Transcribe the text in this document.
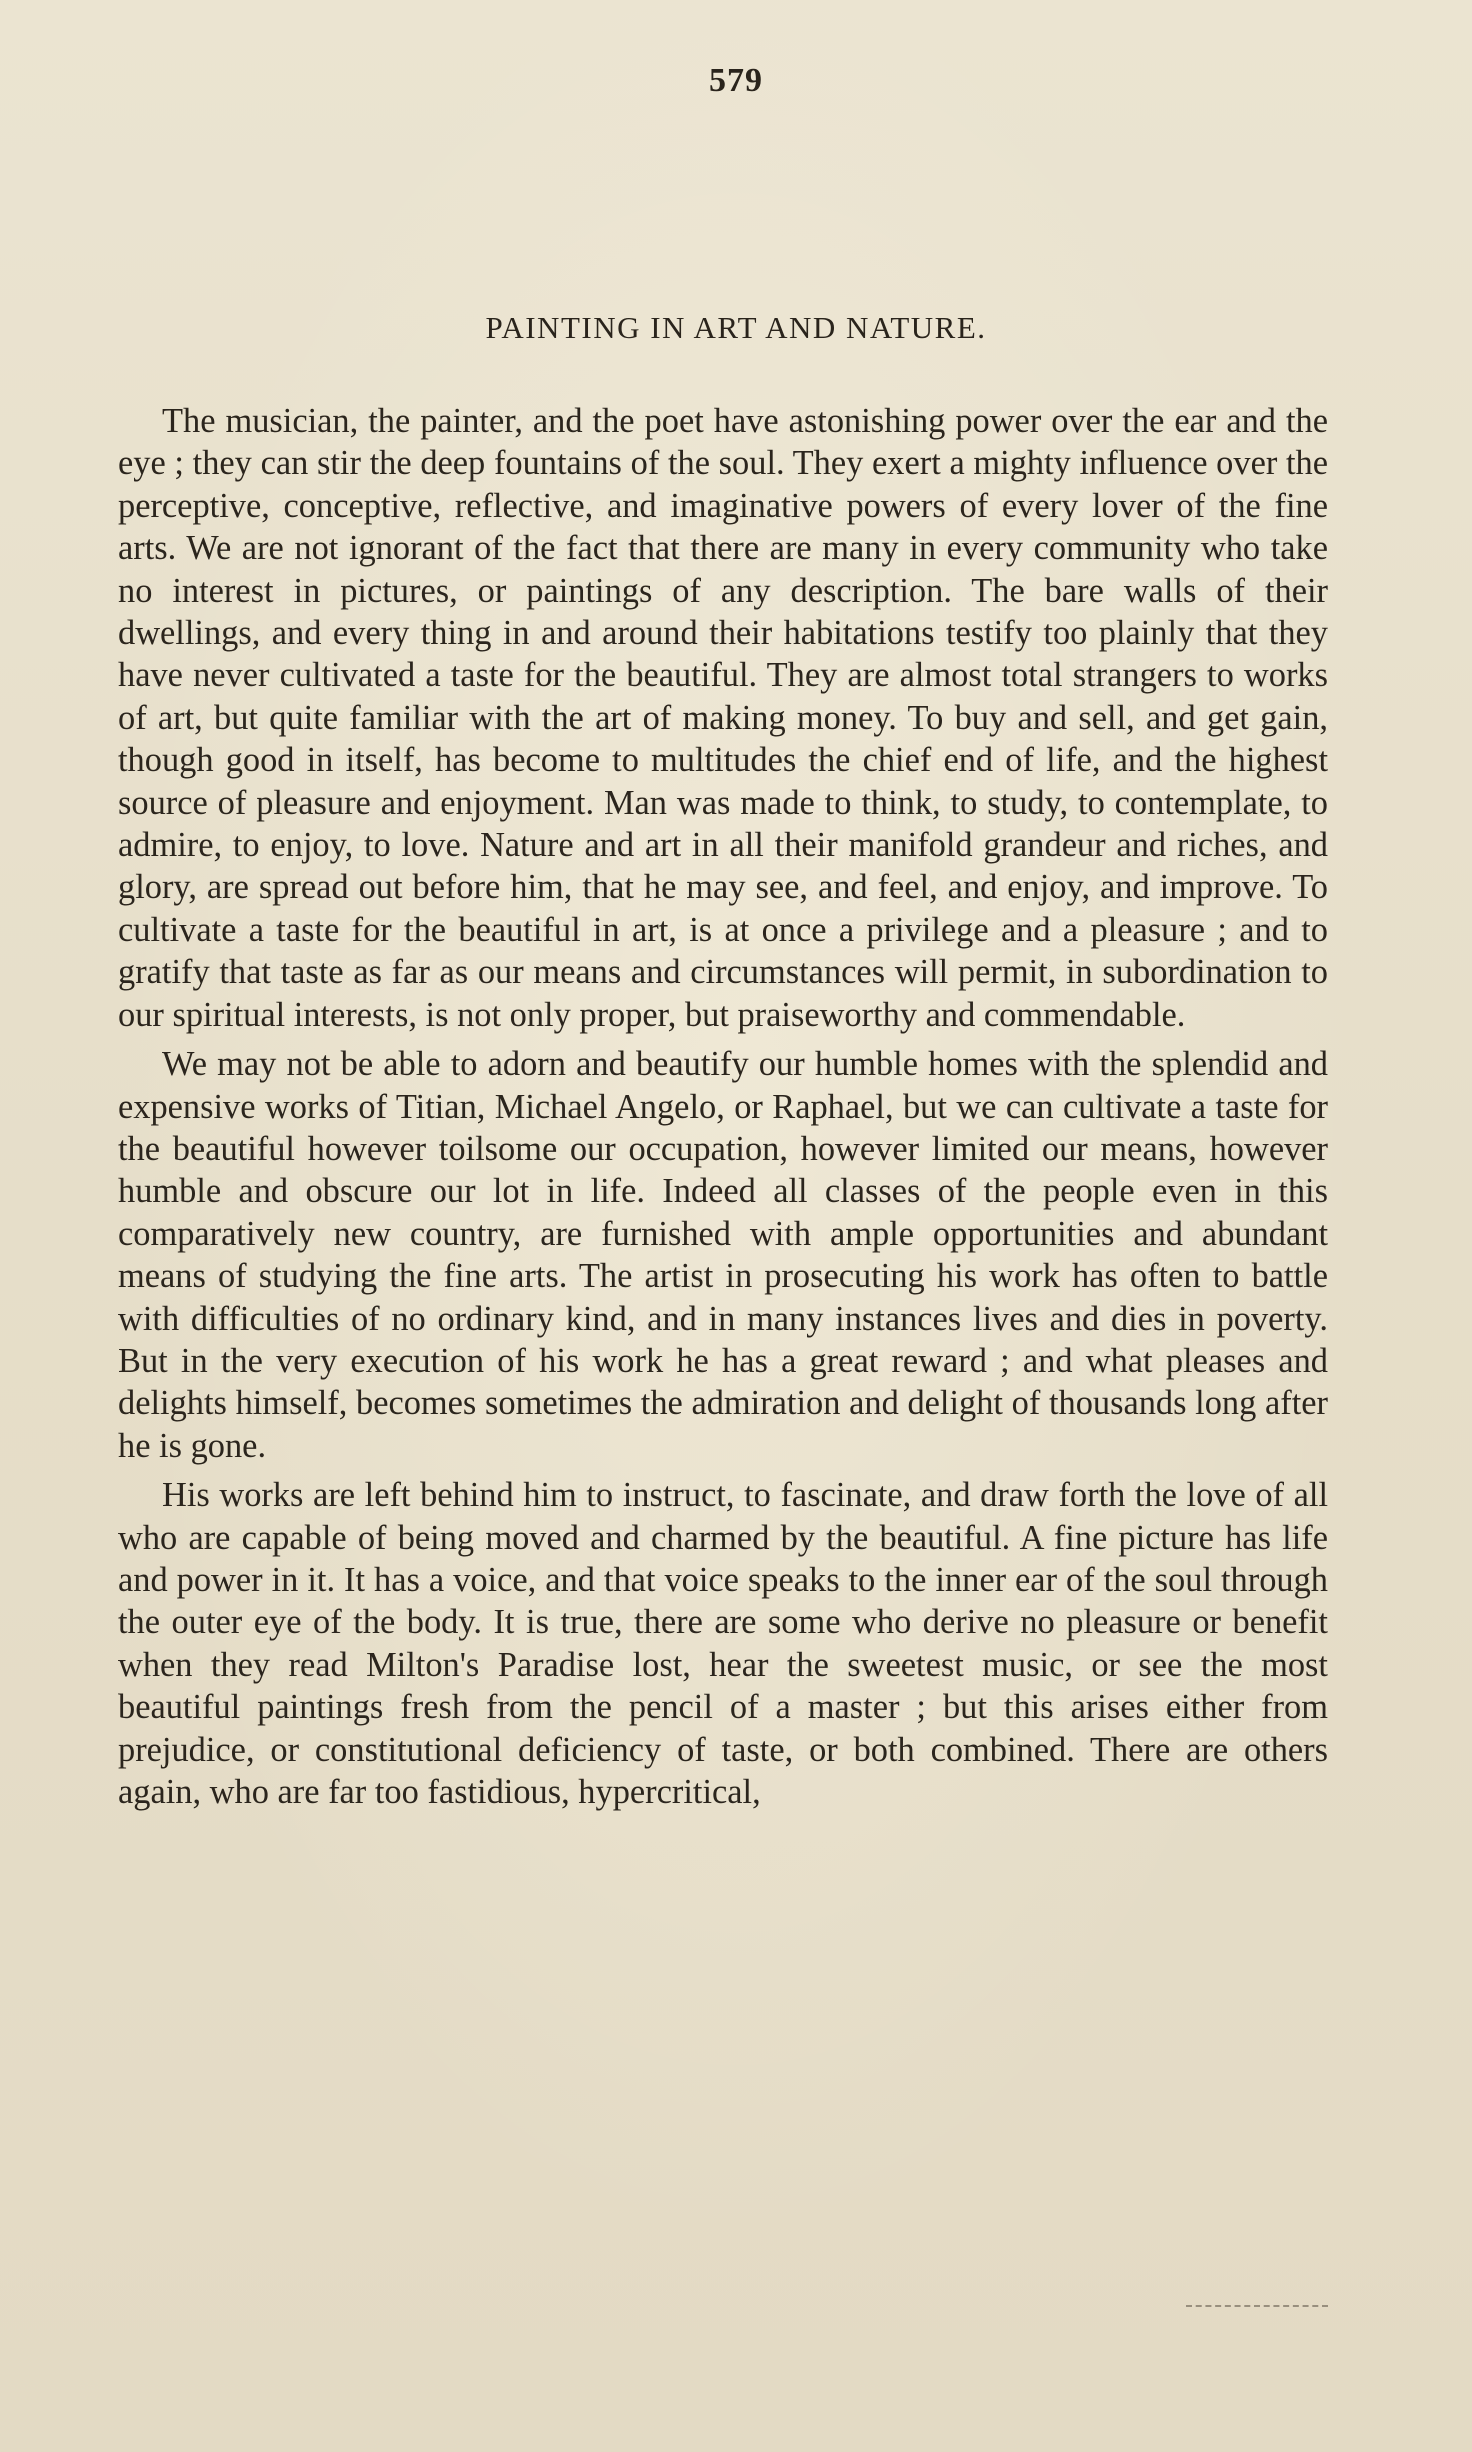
579
PAINTING IN ART AND NATURE.

The musician, the painter, and the poet have astonishing power over the ear and the eye ; they can stir the deep fountains of the soul. They exert a mighty influence over the perceptive, conceptive, reflective, and imaginative powers of every lover of the fine arts. We are not ignorant of the fact that there are many in every community who take no interest in pictures, or paintings of any description. The bare walls of their dwellings, and every thing in and around their habitations testify too plainly that they have never cultivated a taste for the beautiful. They are almost total strangers to works of art, but quite familiar with the art of making money. To buy and sell, and get gain, though good in itself, has become to multitudes the chief end of life, and the highest source of pleasure and enjoyment. Man was made to think, to study, to contemplate, to admire, to enjoy, to love. Nature and art in all their manifold grandeur and riches, and glory, are spread out before him, that he may see, and feel, and enjoy, and improve. To cultivate a taste for the beautiful in art, is at once a privilege and a pleasure ; and to gratify that taste as far as our means and circumstances will permit, in subordination to our spiritual interests, is not only proper, but praiseworthy and commendable.

We may not be able to adorn and beautify our humble homes with the splendid and expensive works of Titian, Michael Angelo, or Raphael, but we can cultivate a taste for the beautiful however toilsome our occupation, however limited our means, however humble and obscure our lot in life. Indeed all classes of the people even in this comparatively new country, are furnished with ample opportunities and abundant means of studying the fine arts. The artist in prosecuting his work has often to battle with difficulties of no ordinary kind, and in many instances lives and dies in poverty. But in the very execution of his work he has a great reward ; and what pleases and delights himself, becomes sometimes the admiration and delight of thousands long after he is gone.

His works are left behind him to instruct, to fascinate, and draw forth the love of all who are capable of being moved and charmed by the beautiful. A fine picture has life and power in it. It has a voice, and that voice speaks to the inner ear of the soul through the outer eye of the body. It is true, there are some who derive no pleasure or benefit when they read Milton's Paradise lost, hear the sweetest music, or see the most beautiful paintings fresh from the pencil of a master ; but this arises either from prejudice, or constitutional deficiency of taste, or both combined. There are others again, who are far too fastidious, hypercritical,
